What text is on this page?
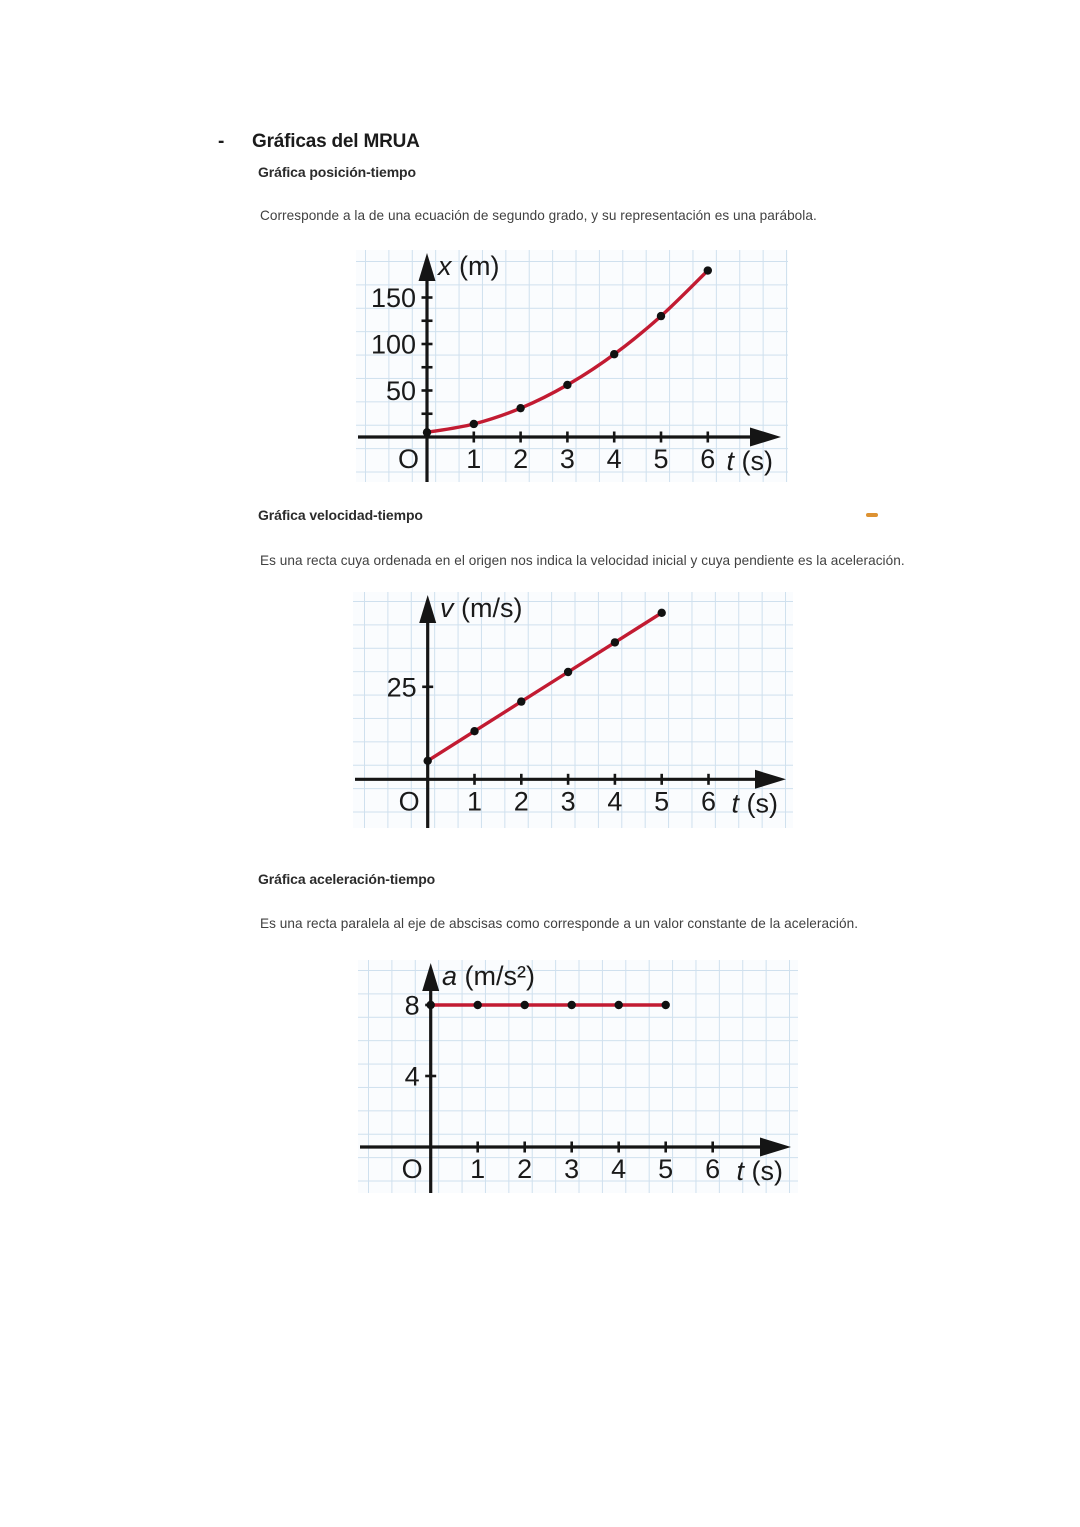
- Gráficas del MRUA
Gráfica posición-tiempo

Corresponde a la de una ecuación de segundo grado, y su representación es una parábola.

1 2 3 4 5 6
50
100
150
O	t (s)
x (m)
Gráfica velocidad-tiempo

Es una recta cuya ordenada en el origen nos indica la velocidad inicial y cuya pendiente es la aceleración.

1 2 3 4 5 6
25
O	t (s)
v (m/s)
Gráfica aceleración-tiempo

Es una recta paralela al eje de abscisas como corresponde a un valor constante de la aceleración.

1 2 3 4 5 6
4
8
O	t (s)
a (m/s²)
